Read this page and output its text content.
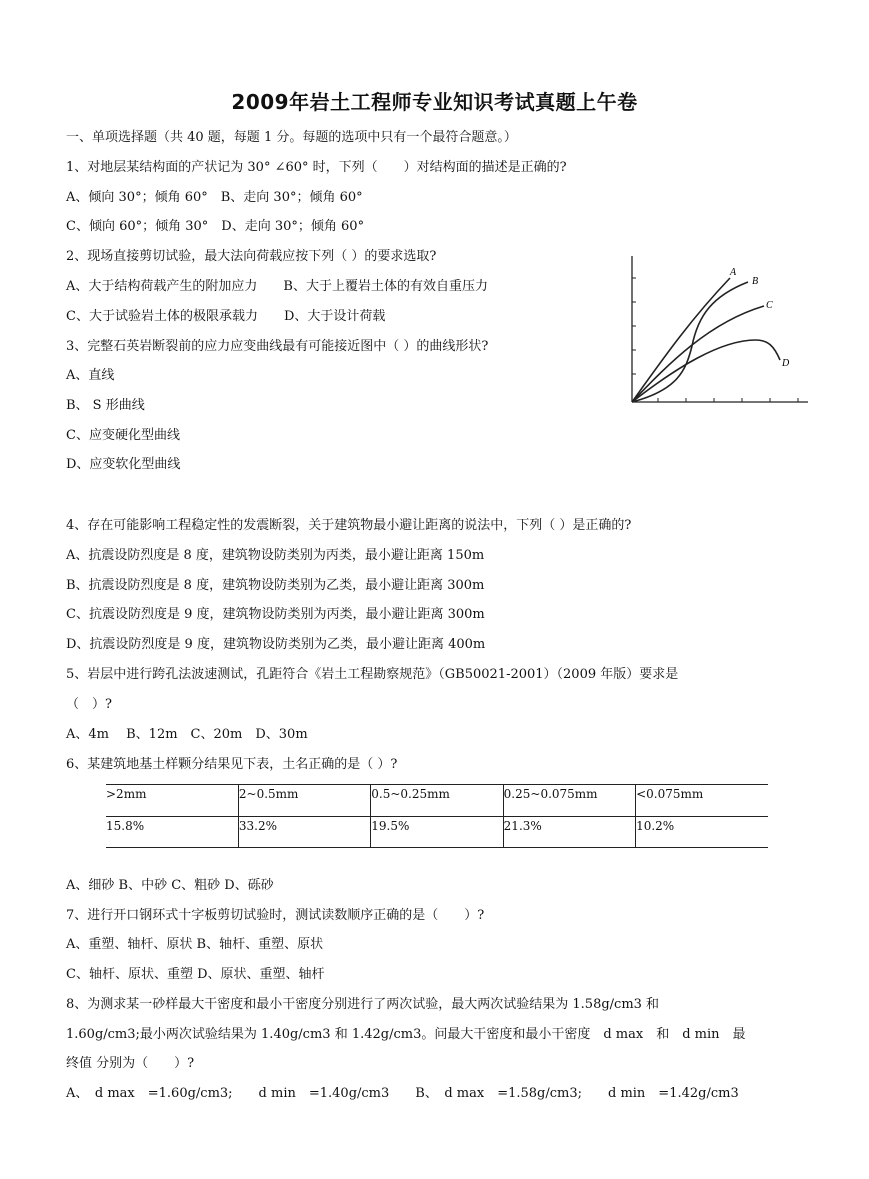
2009年岩土工程师专业知识考试真题上午卷
一、单项选择题（共 40 题，每题 1 分。每题的选项中只有一个最符合题意。）
1、对地层某结构面的产状记为 30° ∠60° 时，下列（　　）对结构面的描述是正确的?
A、倾向 30°；倾角 60°　B、走向 30°；倾角 60°
C、倾向 60°；倾角 30°　D、走向 30°；倾角 60°
2、现场直接剪切试验，最大法向荷载应按下列（ ）的要求选取?
A、大于结构荷载产生的附加应力　　B、大于上覆岩土体的有效自重压力
C、大于试验岩土体的极限承载力　　D、大于设计荷载
3、完整石英岩断裂前的应力应变曲线最有可能接近图中（ ）的曲线形状?
A、直线
B、 S 形曲线
C、应变硬化型曲线
D、应变软化型曲线
A
B
C
D
4、存在可能影响工程稳定性的发震断裂，关于建筑物最小避让距离的说法中，下列（ ）是正确的?
A、抗震设防烈度是 8 度，建筑物设防类别为丙类，最小避让距离 150m
B、抗震设防烈度是 8 度，建筑物设防类别为乙类，最小避让距离 300m
C、抗震设防烈度是 9 度，建筑物设防类别为丙类，最小避让距离 300m
D、抗震设防烈度是 9 度，建筑物设防类别为乙类，最小避让距离 400m
5、岩层中进行跨孔法波速测试，孔距符合《岩土工程勘察规范》（GB50021-2001）（2009 年版）要求是
（　）?
A、4m　 B、12m　C、20m　D、30m
6、某建筑地基土样颗分结果见下表，土名正确的是（ ）?
>2mm	2~0.5mm	0.5~0.25mm	0.25~0.075mm	<0.075mm
15.8%	33.2%	19.5%	21.3%	10.2%
A、细砂 B、中砂 C、粗砂 D、砾砂
7、进行开口钢环式十字板剪切试验时，测试读数顺序正确的是（　　）?
A、重塑、轴杆、原状 B、轴杆、重塑、原状
C、轴杆、原状、重塑 D、原状、重塑、轴杆
8、为测求某一砂样最大干密度和最小干密度分别进行了两次试验，最大两次试验结果为 1.58g/cm3 和
1.60g/cm3;最小两次试验结果为 1.40g/cm3 和 1.42g/cm3。问最大干密度和最小干密度　d max　和　d min　最
终值 分别为（　　）?
A、　d max　=1.60g/cm3;　　d min　=1.40g/cm3　　B、　d max　=1.58g/cm3;　　d min　=1.42g/cm3
